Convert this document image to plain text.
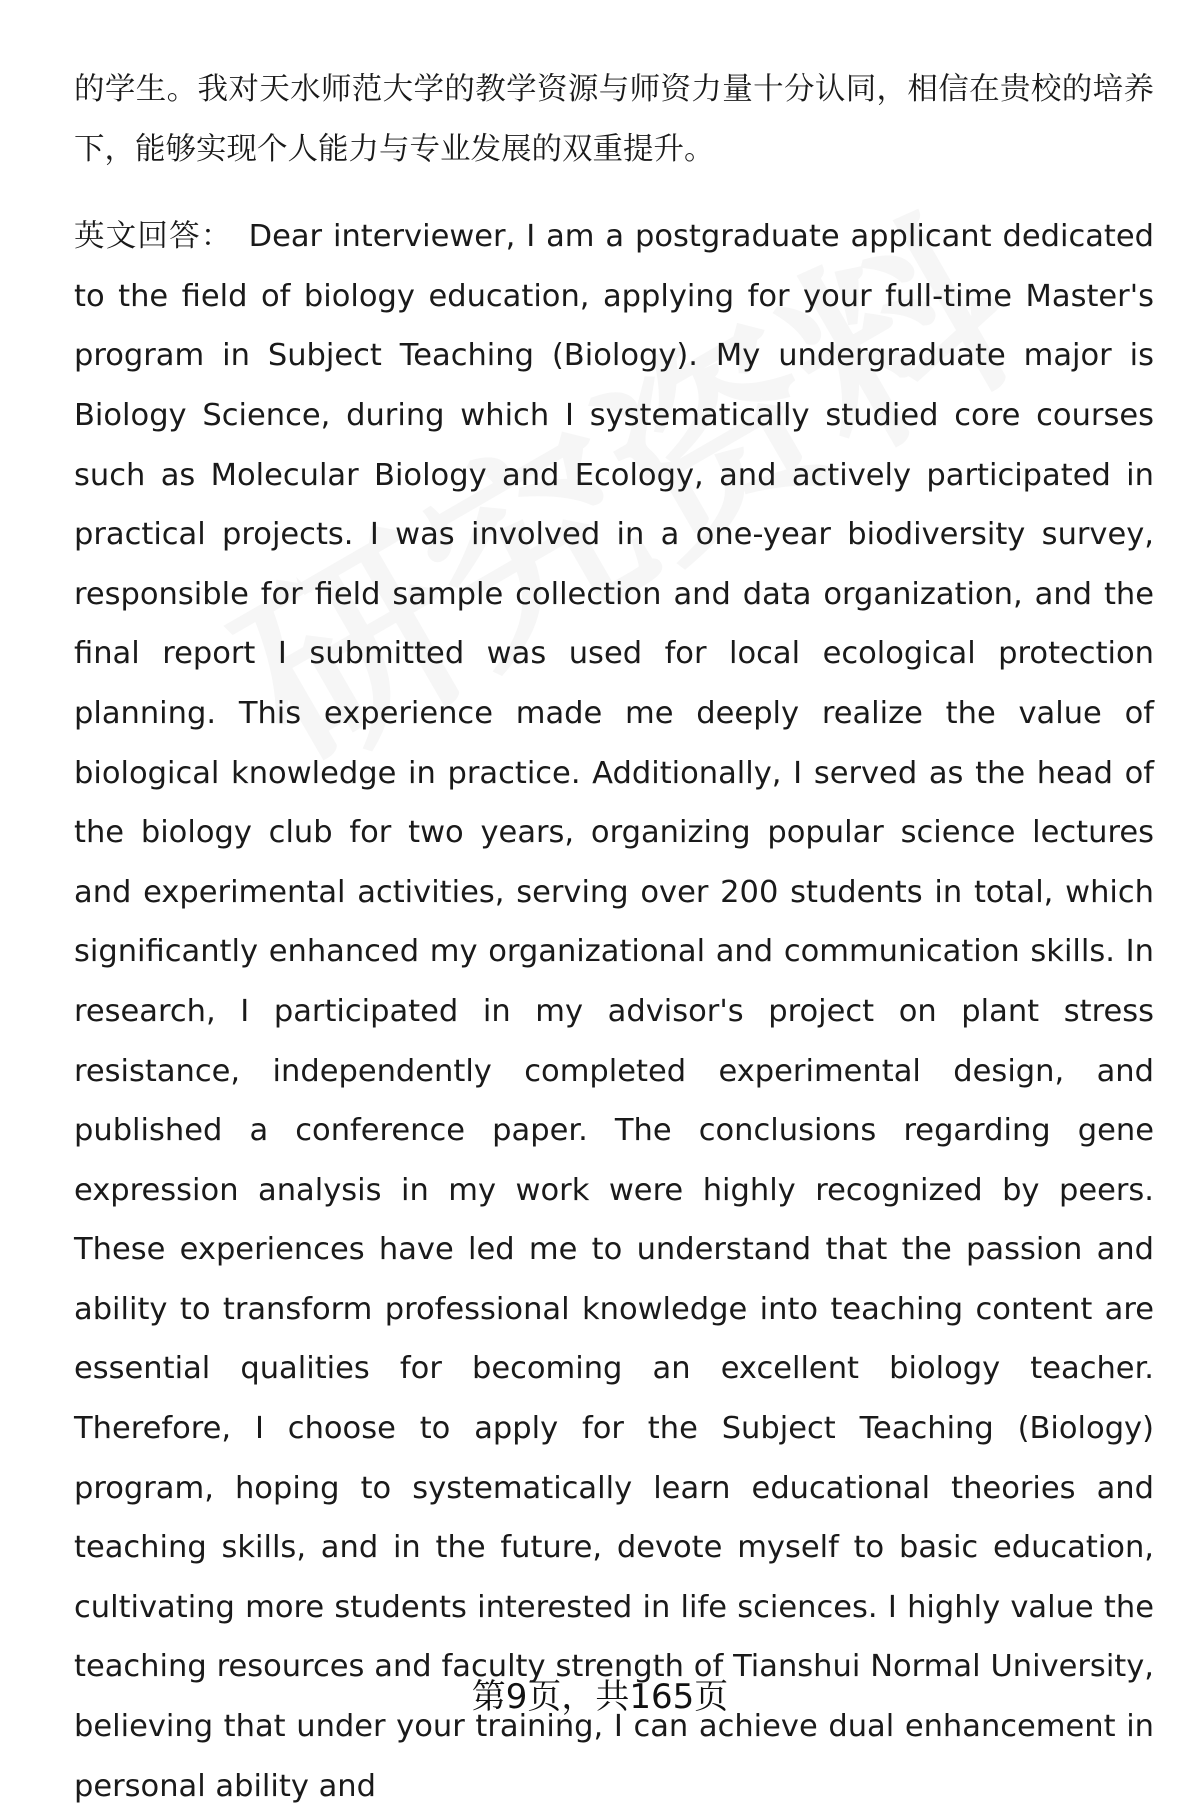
的学生。我对天水师范大学的教学资源与师资力量十分认同，相信在贵校的培养下，能够实现个人能力与专业发展的双重提升。

英文回答： Dear interviewer, I am a postgraduate applicant dedicated to the field of biology education, applying for your full-time Master's program in Subject Teaching (Biology). My undergraduate major is Biology Science, during which I systematically studied core courses such as Molecular Biology and Ecology, and actively participated in practical projects. I was involved in a one-year biodiversity survey, responsible for field sample collection and data organization, and the final report I submitted was used for local ecological protection planning. This experience made me deeply realize the value of biological knowledge in practice. Additionally, I served as the head of the biology club for two years, organizing popular science lectures and experimental activities, serving over 200 students in total, which significantly enhanced my organizational and communication skills. In research, I participated in my advisor's project on plant stress resistance, independently completed experimental design, and published a conference paper. The conclusions regarding gene expression analysis in my work were highly recognized by peers. These experiences have led me to understand that the passion and ability to transform professional knowledge into teaching content are essential qualities for becoming an excellent biology teacher. Therefore, I choose to apply for the Subject Teaching (Biology) program, hoping to systematically learn educational theories and teaching skills, and in the future, devote myself to basic education, cultivating more students interested in life sciences. I highly value the teaching resources and faculty strength of Tianshui Normal University, believing that under your training, I can achieve dual enhancement in personal ability and

第9页，共165页
